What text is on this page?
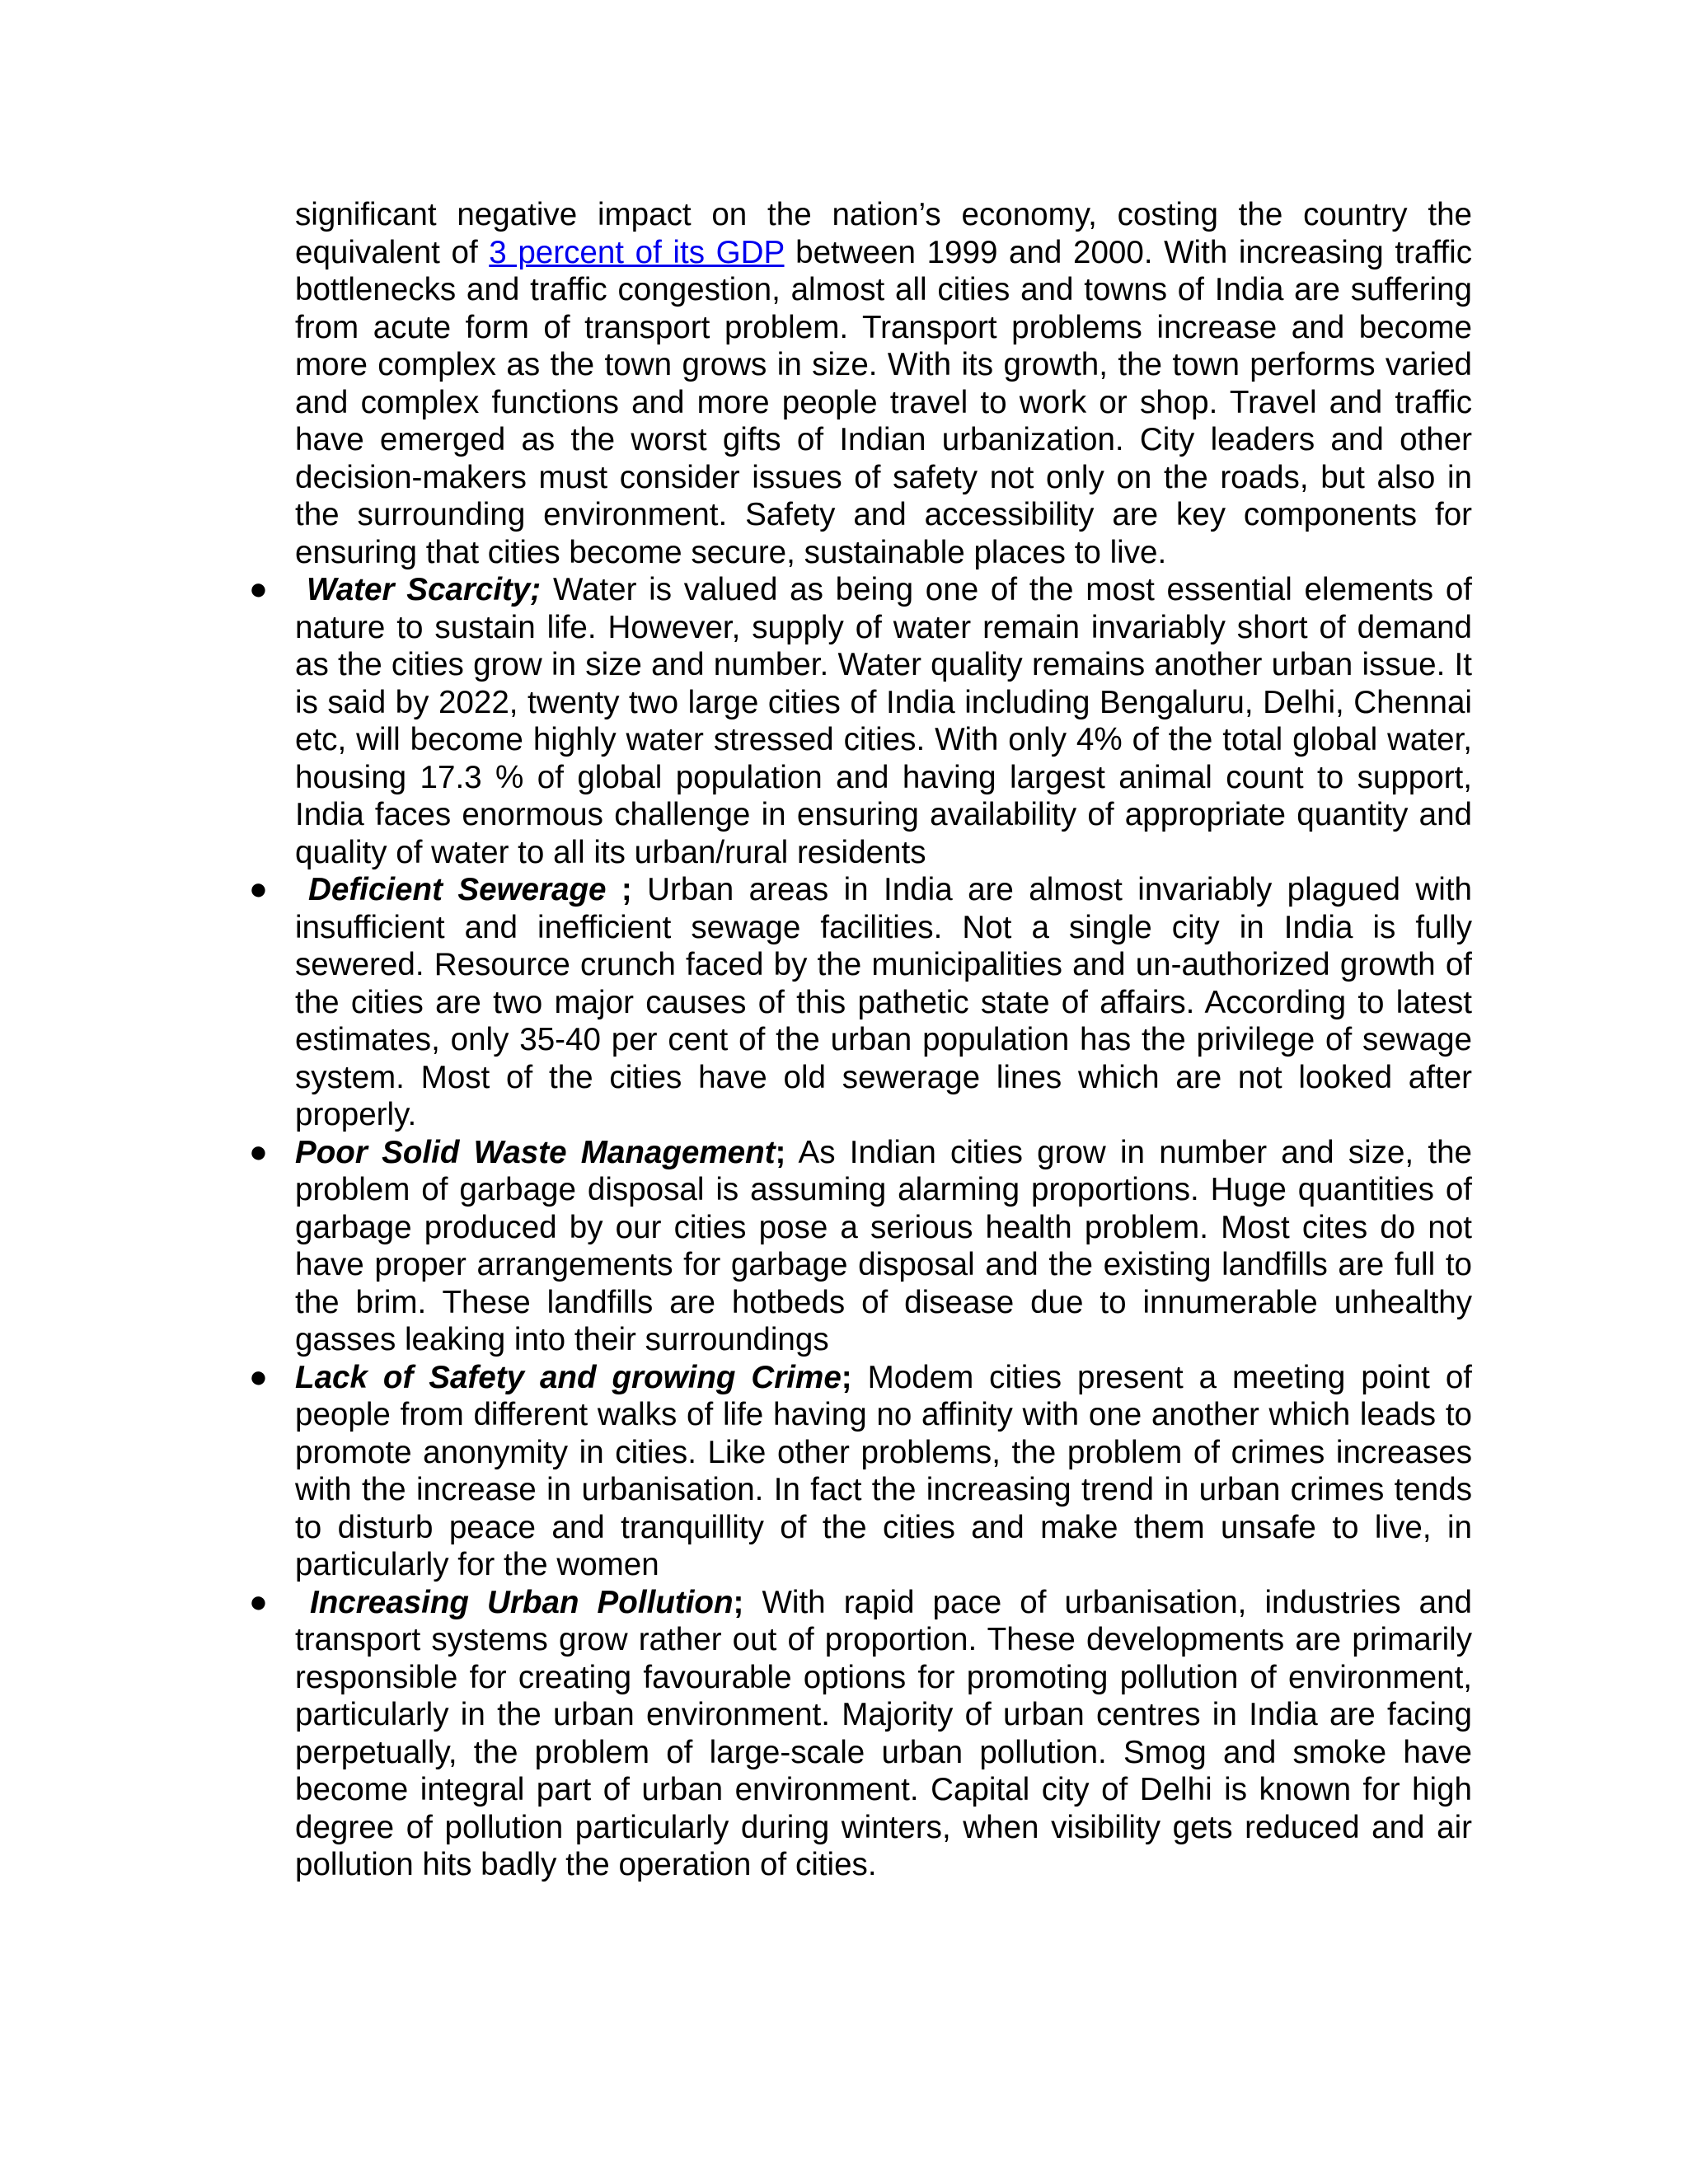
significant negative impact on the nation’s economy, costing the country the equivalent of 3 percent of its GDP between 1999 and 2000. With increasing traffic bottlenecks and traffic congestion, almost all cities and towns of India are suffering from acute form of transport problem. Transport problems increase and become more complex as the town grows in size. With its growth, the town performs varied and complex functions and more people travel to work or shop. Travel and traffic have emerged as the worst gifts of Indian urbanization. City leaders and other decision-makers must consider issues of safety not only on the roads, but also in the surrounding environment. Safety and accessibility are key components for ensuring that cities become secure, sustainable places to live.

● Water Scarcity; Water is valued as being one of the most essential elements of nature to sustain life. However, supply of water remain invariably short of demand as the cities grow in size and number. Water quality remains another urban issue. It is said by 2022, twenty two large cities of India including Bengaluru, Delhi, Chennai etc, will become highly water stressed cities. With only 4% of the total global water, housing 17.3 % of global population and having largest animal count to support, India faces enormous challenge in ensuring availability of appropriate quantity and quality of water to all its urban/rural residents
● Deficient Sewerage ; Urban areas in India are almost invariably plagued with insufficient and inefficient sewage facilities. Not a single city in India is fully sewered. Resource crunch faced by the municipalities and un-authorized growth of the cities are two major causes of this pathetic state of affairs. According to latest estimates, only 35-40 per cent of the urban population has the privilege of sewage system. Most of the cities have old sewerage lines which are not looked after properly.
● Poor Solid Waste Management; As Indian cities grow in number and size, the problem of garbage disposal is assuming alarming proportions. Huge quantities of garbage produced by our cities pose a serious health problem. Most cites do not have proper arrangements for garbage disposal and the existing landfills are full to the brim. These landfills are hotbeds of disease due to innumerable unhealthy gasses leaking into their surroundings
● Lack of Safety and growing Crime; Modem cities present a meeting point of people from different walks of life having no affinity with one another which leads to promote anonymity in cities. Like other problems, the problem of crimes increases with the increase in urbanisation. In fact the increasing trend in urban crimes tends to disturb peace and tranquillity of the cities and make them unsafe to live, in particularly for the women
● Increasing Urban Pollution; With rapid pace of urbanisation, industries and transport systems grow rather out of proportion. These developments are primarily responsible for creating favourable options for promoting pollution of environment, particularly in the urban environment. Majority of urban centres in India are facing perpetually, the problem of large-scale urban pollution. Smog and smoke have become integral part of urban environment. Capital city of Delhi is known for high degree of pollution particularly during winters, when visibility gets reduced and air pollution hits badly the operation of cities.
